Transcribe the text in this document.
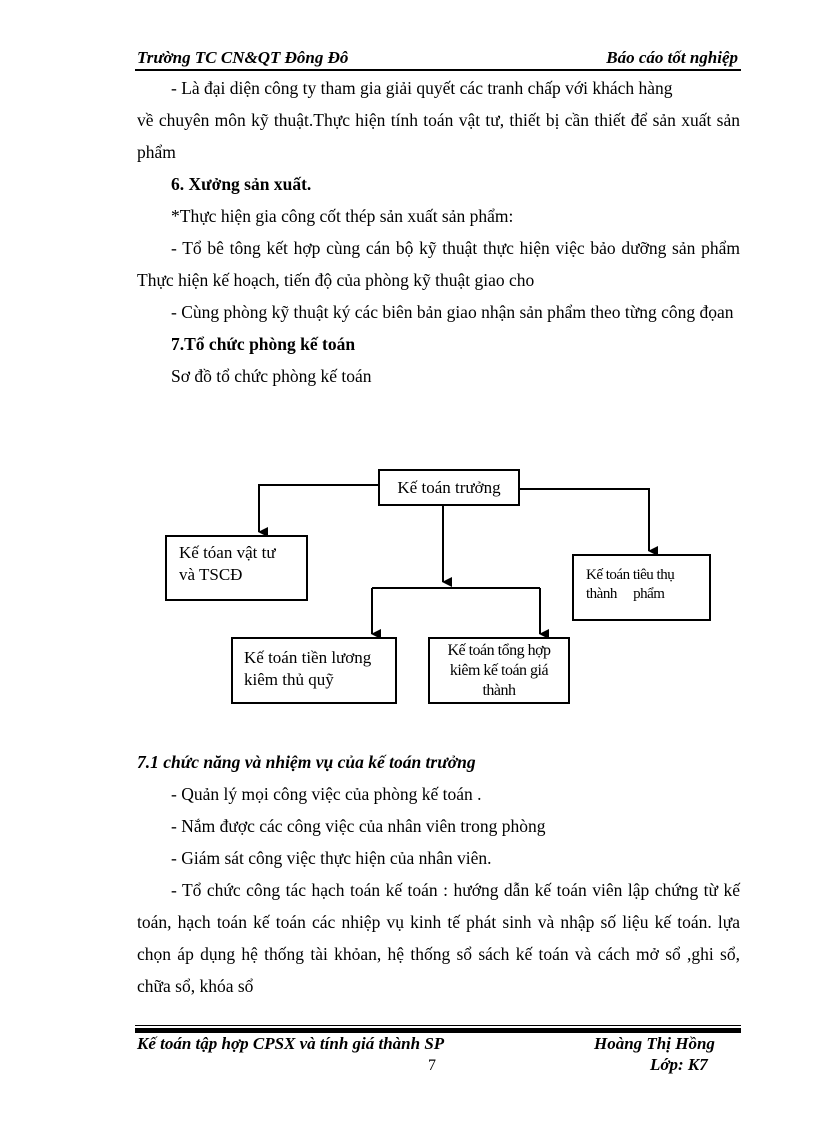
Trường TC CN&QT Đông Đô	Báo cáo tốt nghiệp

- Là đại diện công ty tham gia giải quyết các tranh chấp với khách hàng

về chuyên môn kỹ thuật.Thực hiện tính toán vật tư, thiết bị cần thiết để sản xuất sản phẩm

6. Xưởng sản xuất.

*Thực hiện gia công cốt thép sản xuất sản phẩm:

- Tổ bê tông kết hợp cùng cán bộ kỹ thuật thực hiện việc bảo dưỡng sản phẩm Thực hiện kế hoạch, tiến độ của phòng kỹ thuật giao cho

- Cùng phòng kỹ thuật ký các biên bản giao nhận sản phẩm theo từng công đọan

7.Tổ chức phòng kế toán

Sơ đồ tổ chức phòng kế toán

Kế toán trưởng
Kế tóan vật tư
và TSCĐ	Kế toán tiêu thụ
thành     phẩm
Kế toán tiền lương
kiêm thủ quỹ
Kế toán tổng hợp
kiêm kế toán giá
thành

7.1 chức năng và nhiệm vụ của kế toán trưởng

- Quản lý mọi công việc của phòng kế toán .

- Nắm được các công việc của nhân viên trong phòng

- Giám sát công việc thực hiện của nhân viên.

- Tổ chức công tác hạch toán kế toán : hướng dẫn kế toán viên lập chứng từ kế toán, hạch toán kế toán các nhiệp vụ kinh tế phát sinh và nhập số liệu kế toán. lựa chọn áp dụng hệ thống tài khỏan, hệ thống sổ sách kế toán và cách mở sổ ,ghi sổ, chữa sổ, khóa sổ

Kế toán tập hợp CPSX và tính giá thành SP	Hoàng Thị Hồng
Lớp: K7
7
